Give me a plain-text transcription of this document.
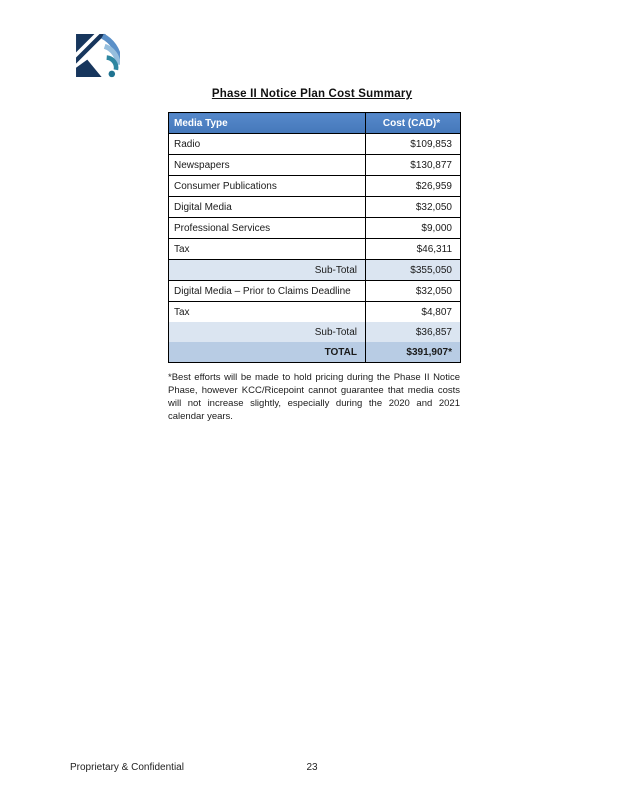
Phase II Notice Plan Cost Summary
Media Type	Cost (CAD)*
Radio	$109,853
Newspapers	$130,877
Consumer Publications	$26,959
Digital Media	$32,050
Professional Services	$9,000
Tax	$46,311
Sub-Total	$355,050
Digital Media – Prior to Claims Deadline	$32,050
Tax	$4,807
Sub-Total	$36,857
TOTAL	$391,907*
*Best efforts will be made to hold pricing during the Phase II Notice Phase, however KCC/Ricepoint cannot guarantee that media costs will not increase slightly, especially during the 2020 and 2021 calendar years.
Proprietary & Confidential	23
